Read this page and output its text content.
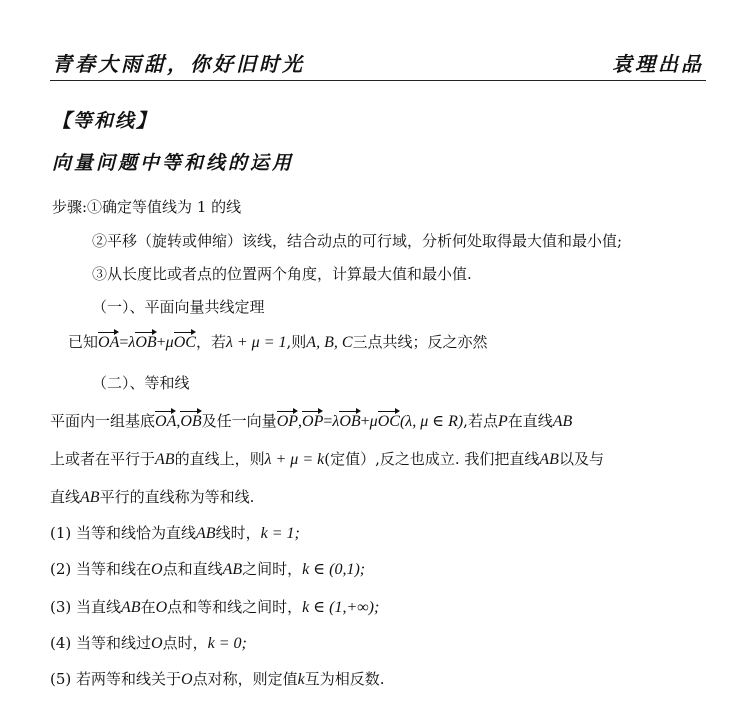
青春大雨甜，你好旧时光	袁理出品
【等和线】
向量问题中等和线的运用
步骤:①确定等值线为 1 的线
②平移（旋转或伸缩）该线，结合动点的可行域，分析何处取得最大值和最小值;
③从长度比或者点的位置两个角度，计算最大值和最小值.
（一）、平面向量共线定理
已知OA=λOB+μOC，若λ + μ = 1,则A, B, C三点共线；反之亦然
（二）、等和线
平面内一组基底OA,OB及任一向量OP,OP=λOB+μOC(λ, μ ∈ R),若点P在直线AB
上或者在平行于AB的直线上，则λ + μ = k(定值）,反之也成立. 我们把直线AB以及与
直线AB平行的直线称为等和线.
(1) 当等和线恰为直线AB线时，k = 1;
(2) 当等和线在O点和直线AB之间时，k ∈ (0,1);
(3) 当直线AB在O点和等和线之间时，k ∈ (1,+∞);
(4) 当等和线过O点时，k = 0;
(5) 若两等和线关于O点对称，则定值k互为相反数.
